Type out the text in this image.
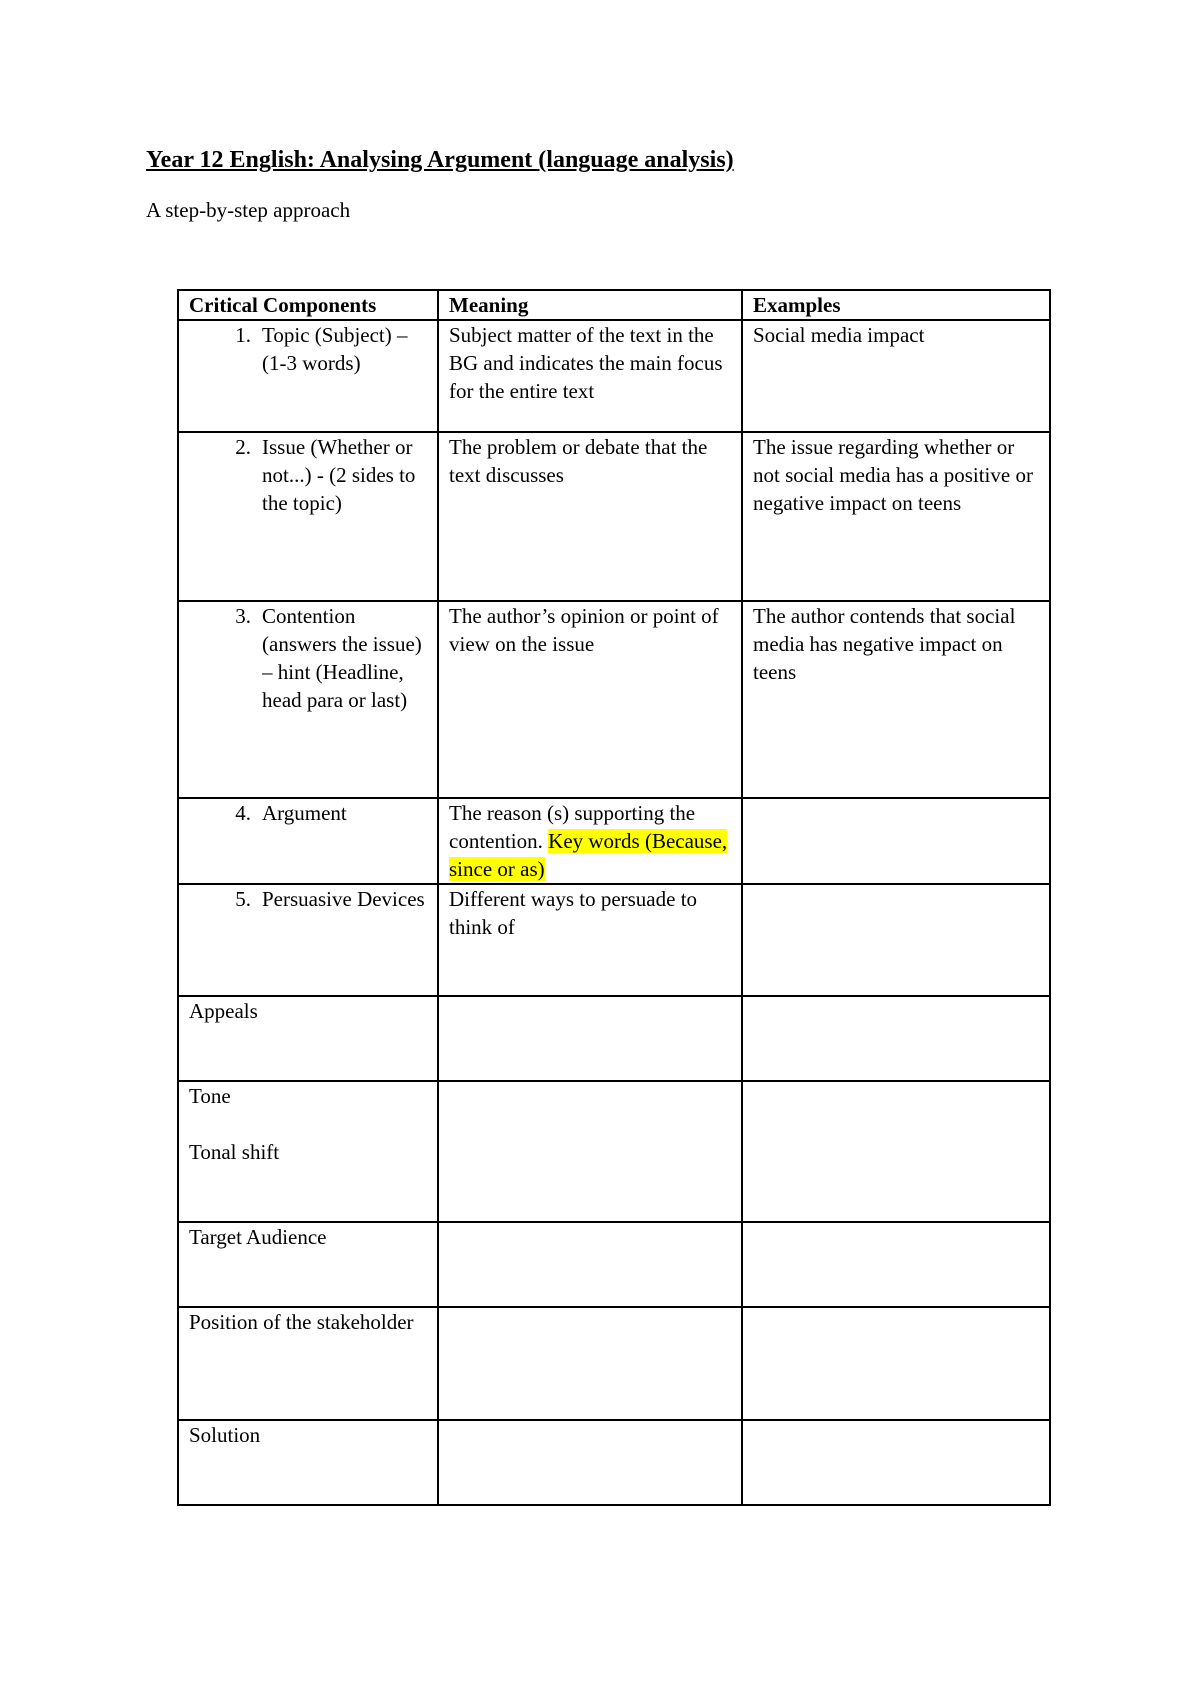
Year 12 English: Analysing Argument (language analysis)

A step-by-step approach

Critical Components	Meaning	Examples

1. Topic (Subject) – (1-3 words)	Subject matter of the text in the BG and indicates the main focus for the entire text	Social media impact

2. Issue (Whether or not...) - (2 sides to the topic)	The problem or debate that the text discusses	The issue regarding whether or not social media has a positive or negative impact on teens

3. Contention (answers the issue) – hint (Headline, head para or last)	The author’s opinion or point of view on the issue	The author contends that social media has negative impact on teens

4. Argument	The reason (s) supporting the contention. Key words (Because, since or as)	

5. Persuasive Devices	Different ways to persuade to think of	

Appeals		

Tone
Tonal shift		

Target Audience		

Position of the stakeholder		

Solution		
